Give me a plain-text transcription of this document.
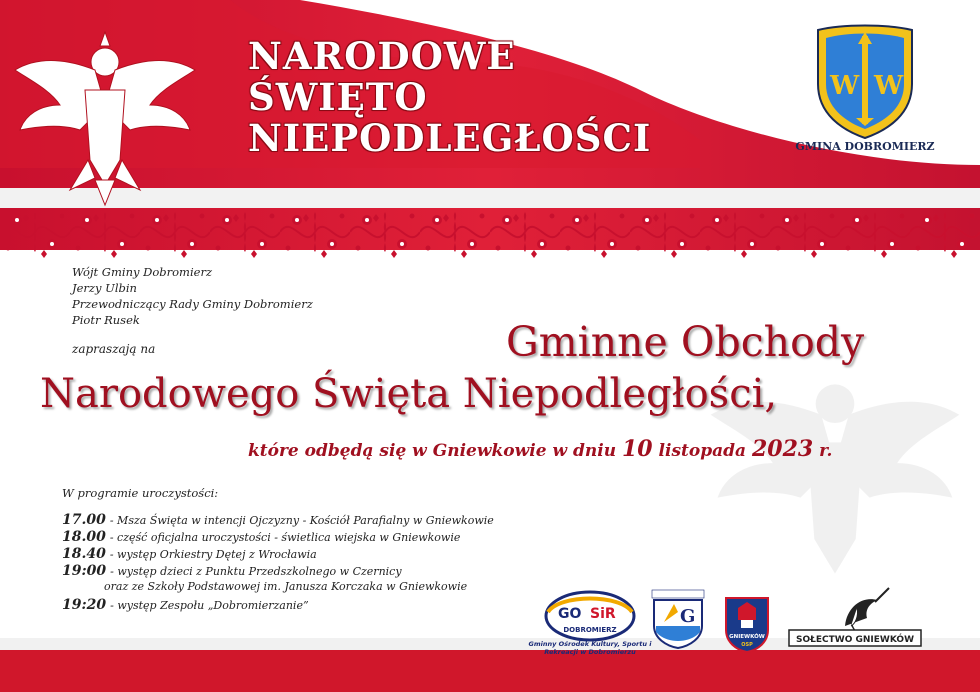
NARODOWE
ŚWIĘTO
NIEPODLEGŁOŚCI
W W
GMINA DOBROMIERZ
Wójt Gminy Dobromierz
Jerzy Ulbin
Przewodniczący Rady Gminy Dobromierz
Piotr Rusek
zapraszają na	Gminne Obchody
Narodowego Święta Niepodległości,
które odbędą się w Gniewkowie w dniu 10 listopada 2023 r.
W programie uroczystości:
17.00 - Msza Święta w intencji Ojczyzny - Kościół Parafialny w Gniewkowie
18.00 - część oficjalna uroczystości - świetlica wiejska w Gniewkowie
18.40 - występ Orkiestry Dętej z Wrocławia
19:00 - występ dzieci z Punktu Przedszkolnego w Czernicy
oraz ze Szkoły Podstawowej im. Janusza Korczaka w Gniewkowie
19:20 - występ Zespołu „Dobromierzanie”
GO SiR
DOBROMIERZ
Gminny Ośrodek Kultury, Sportu i Rekreacji w Dobromierzu
G
GNIEWKÓW
OSP	SOŁECTWO GNIEWKÓW
